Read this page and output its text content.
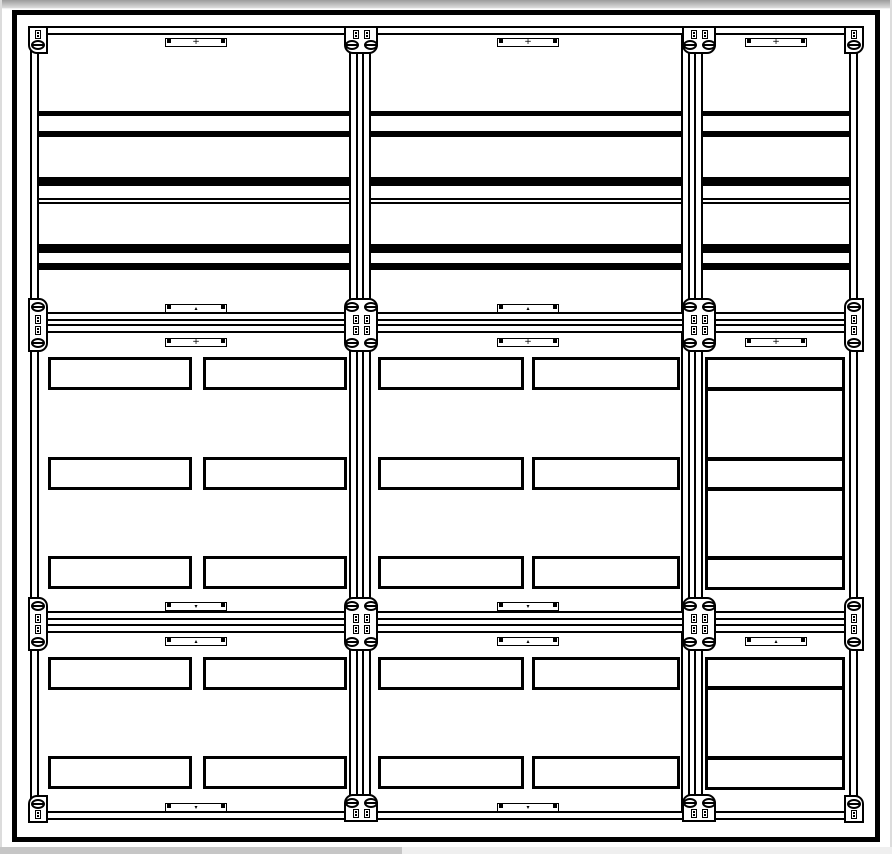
+	+	+
▴	▴
+	+	+
▾	▾
▴	▴	▴
▾	▾
